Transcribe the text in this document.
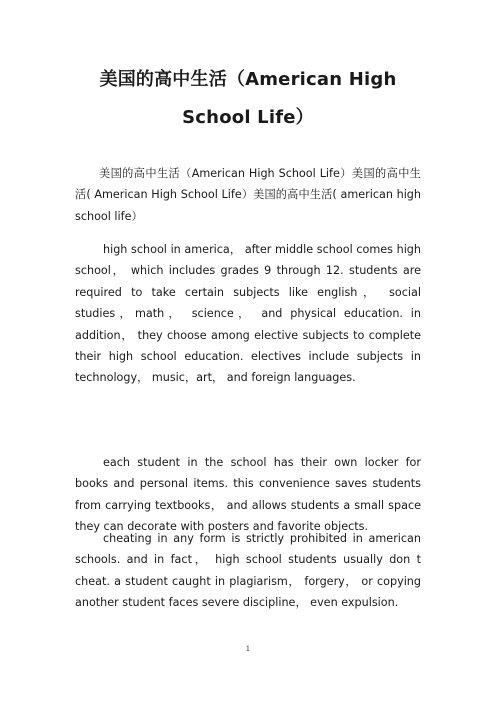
美国的高中生活（American High
School Life）

美国的高中生活（American High School Life）美国的高中生活( American High School Life）美国的高中生活( american high school life）

high school in america， after middle school comes high school， which includes grades 9 through 12. students are required to take certain subjects like english， social studies，math， science， and physical education. in addition， they choose among elective subjects to complete their high school education. electives include subjects in technology， music，art， and foreign languages.

each student in the school has their own locker for books and personal items. this convenience saves students from carrying textbooks， and allows students a small space they can decorate with posters and favorite objects.

cheating in any form is strictly prohibited in american schools. and in fact， high school students usually don t cheat. a student caught in plagiarism， forgery， or copying another student faces severe discipline， even expulsion.

1
